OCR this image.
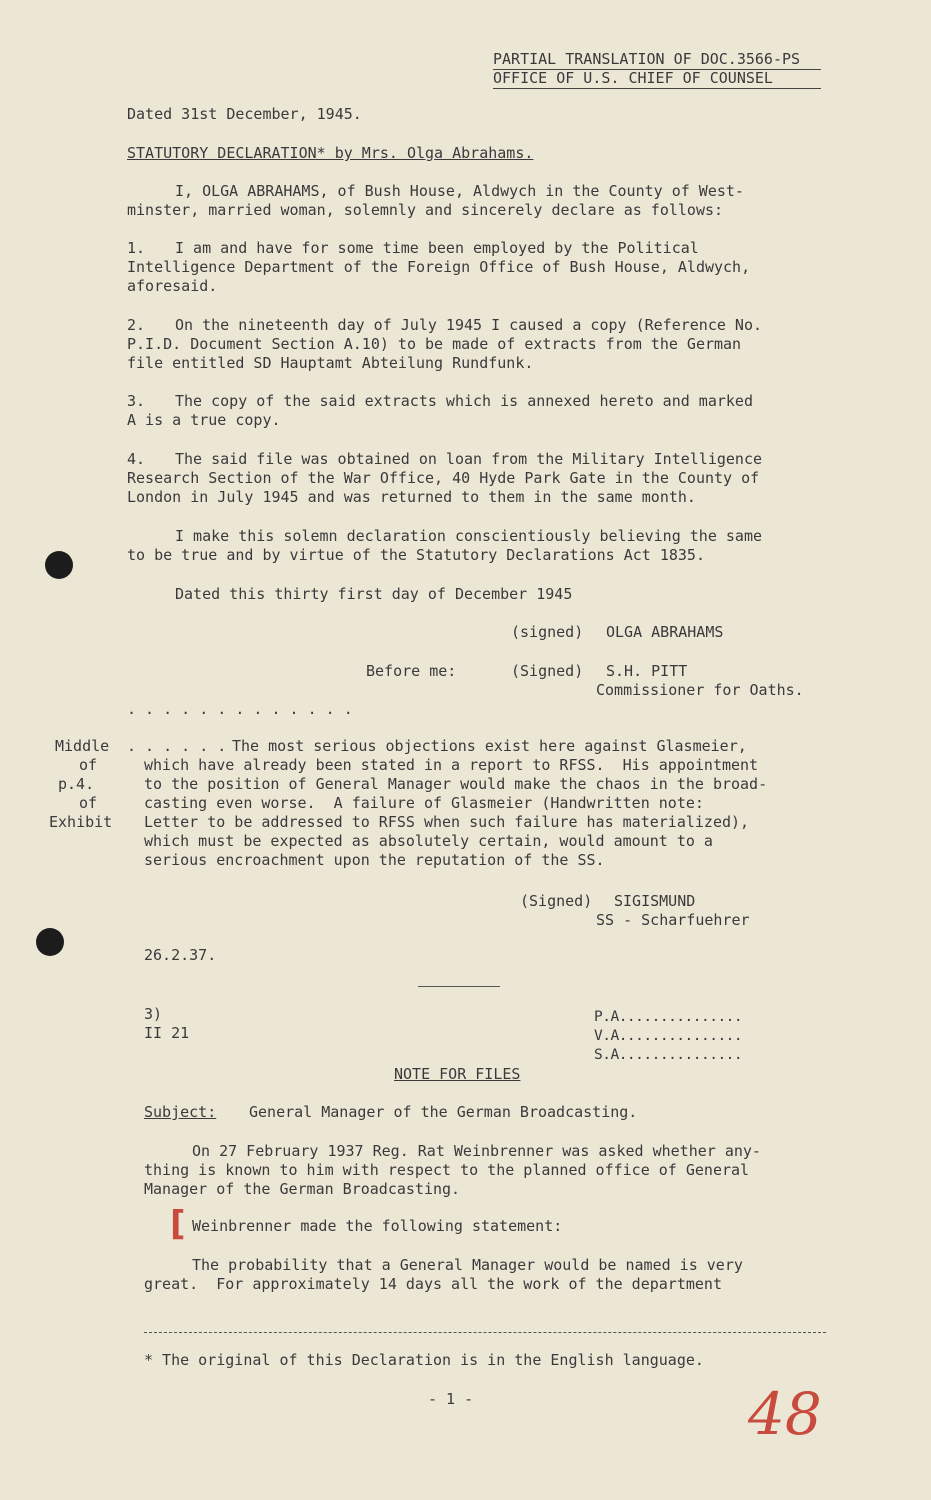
PARTIAL TRANSLATION OF DOC.3566-PS
OFFICE OF U.S. CHIEF OF COUNSEL
Dated 31st December, 1945.
STATUTORY DECLARATION* by Mrs. Olga Abrahams.
I, OLGA ABRAHAMS, of Bush House, Aldwych in the County of West-
minster, married woman, solemnly and sincerely declare as follows:
1. I am and have for some time been employed by the Political
Intelligence Department of the Foreign Office of Bush House, Aldwych,
aforesaid.
2. On the nineteenth day of July 1945 I caused a copy (Reference No.
P.I.D. Document Section A.10) to be made of extracts from the German
file entitled SD Hauptamt Abteilung Rundfunk.
3. The copy of the said extracts which is annexed hereto and marked
A is a true copy.
4. The said file was obtained on loan from the Military Intelligence
Research Section of the War Office, 40 Hyde Park Gate in the County of
London in July 1945 and was returned to them in the same month.
I make this solemn declaration conscientiously believing the same
to be true and by virtue of the Statutory Declarations Act 1835.
Dated this thirty first day of December 1945
(signed) OLGA ABRAHAMS
Before me:	(Signed) S.H. PITT
Commissioner for Oaths.
. . . . . . . . . . . . .
Middle
of
p.4.
of
Exhibit
. . . . . . The most serious objections exist here against Glasmeier,
which have already been stated in a report to RFSS.  His appointment
to the position of General Manager would make the chaos in the broad-
casting even worse.  A failure of Glasmeier (Handwritten note:
Letter to be addressed to RFSS when such failure has materialized),
which must be expected as absolutely certain, would amount to a
serious encroachment upon the reputation of the SS.
(Signed) SIGISMUND
SS - Scharfuehrer
26.2.37.
3)
II 21
P.A...............
V.A...............
S.A...............
NOTE FOR FILES
Subject: General Manager of the German Broadcasting.
On 27 February 1937 Reg. Rat Weinbrenner was asked whether any-
thing is known to him with respect to the planned office of General
Manager of the German Broadcasting.
[ Weinbrenner made the following statement:
The probability that a General Manager would be named is very
great.  For approximately 14 days all the work of the department
* The original of this Declaration is in the English language.
- 1 -	48
